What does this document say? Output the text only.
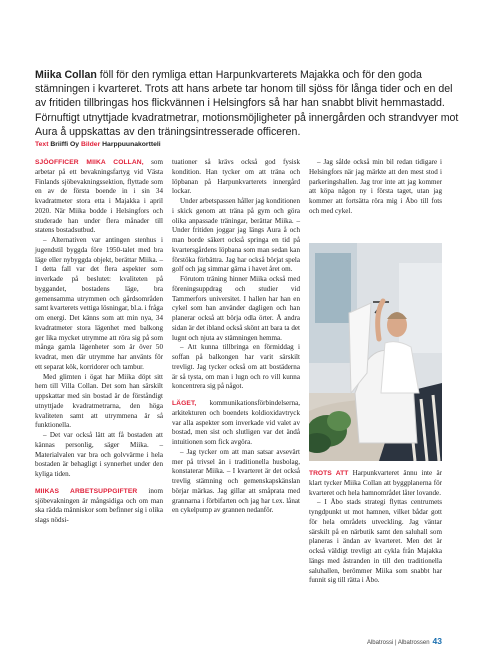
Miika Collan föll för den rymliga ettan Harpunkvarterets Majakka och för den goda stämningen i kvarteret. Trots att hans arbete tar honom till sjöss för långa tider och en del av fritiden tillbringas hos flickvännen i Helsingfors så har han snabbt blivit hemmastadd. Förnuftigt utnyttjade kvadratmetrar, motionsmöjligheter på innergården och strandvyer mot Aura å uppskattas av den träningsintresserade officeren.
Text Briiffi Oy Bilder Harppuunakortteli

SJÖOFFICER MIIKA COLLAN, som arbetar på ett bevakningsfartyg vid Västa Finlands sjöbevakningssektion, flyttade som en av de första boende in i sin 34 kvadratmeter stora etta i Majakka i april 2020. När Miika bodde i Helsingfors och studerade han under flera månader till statens bostadsutbud.

– Alternativen var antingen stenhus i jugendstil byggda före 1950-talet med bra läge eller nybyggda objekt, berättar Miika. – I detta fall var det flera aspekter som inverkade på beslutet: kvaliteten på byggandet, bostadens läge, bra gemensamma utrymmen och gårdsområden samt kvarterets vettiga lösningar, bl.a. i fråga om energi. Det känns som att min nya, 34 kvadratmeter stora lägenhet med balkong ger lika mycket utrymme att röra sig på som många gamla lägenheter som är över 50 kvadrat, men där utrymme har använts för ett separat kök, korridorer och tambur.

Med glimten i ögat har Miika döpt sitt hem till Villa Collan. Det som han särskilt uppskattar med sin bostad är de förståndigt utnyttjade kvadratmetrarna, den höga kvaliteten samt att utrymmena är så funktionella.

– Det var också lätt att få bostaden att kännas personlig, säger Miika. – Materialvalen var bra och golvvärme i hela bostaden är behagligt i synnerhet under den kyliga tiden.

MIIKAS ARBETSUPPGIFTER inom sjöbevakningen är mångsidiga och om man ska rädda människor som befinner sig i olika slags nödsi-

tuationer så krävs också god fysisk kondition. Han tycker om att träna och löpbanan på Harpunkvarterets innergård lockar.

Under arbetspassen håller jag konditionen i skick genom att träna på gym och göra olika anpassade träningar, berättar Miika. – Under fritiden joggar jag längs Aura å och man borde säkert också springa en tid på kvartersgårdens löpbana som man sedan kan förstöka förbättra. Jag har också börjat spela golf och jag simmar gärna i havet året om.

Förutom träning hinner Miika också med föreningsuppdrag och studier vid Tammerfors universitet. I hallen har han en cykel som han använder dagligen och han planerar också att börja odla örter. Å andra sidan är det ibland också skönt att bara ta det lugnt och njuta av stämningen hemma.

– Att kunna tillbringa en förmiddag i soffan på balkongen har varit särskilt trevligt. Jag tycker också om att bostäderna är så tysta, om man i lugn och ro vill kunna koncentrera sig på något.

LÄGET, kommunikationsförbindelserna, arkitekturen och boendets koldioxidavtryck var alla aspekter som inverkade vid valet av bostad, men sist och slutligen var det ändå intuitionen som fick avgöra.

– Jag tycker om att man satsar avsevärt mer på trivsel än i traditionella husbolag, konstaterar Miika. – I kvarteret är det också trevlig stämning och gemenskapskänslan börjar märkas. Jag gillar att småprata med grannarna i förbifarten och jag har t.ex. lånat en cykelpump av grannen nedanför.

– Jag sålde också min bil redan tidigare i Helsingfors när jag märkte att den mest stod i parkeringshallen. Jag tror inte att jag kommer att köpa någon ny i första taget, utan jag kommer att fortsätta röra mig i Åbo till fots och med cykel.

TROTS ATT Harpunkvarteret ännu inte är klart tycker Miika Collan att byggplanerna för kvarteret och hela hamnområdet låter lovande.

– I Åbo stads strategi flyttas centrumets tyngdpunkt ut mot hamnen, vilket bådar gott för hela områdets utveckling. Jag väntar särskilt på en närbutik samt den saluhall som planeras i ändan av kvarteret. Men det är också väldigt trevligt att cykla från Majakka längs med åstranden in till den traditionella saluhallen, berömmer Miika som snabbt har funnit sig till rätta i Åbo.

Albatrossi | Albatrossen 43
